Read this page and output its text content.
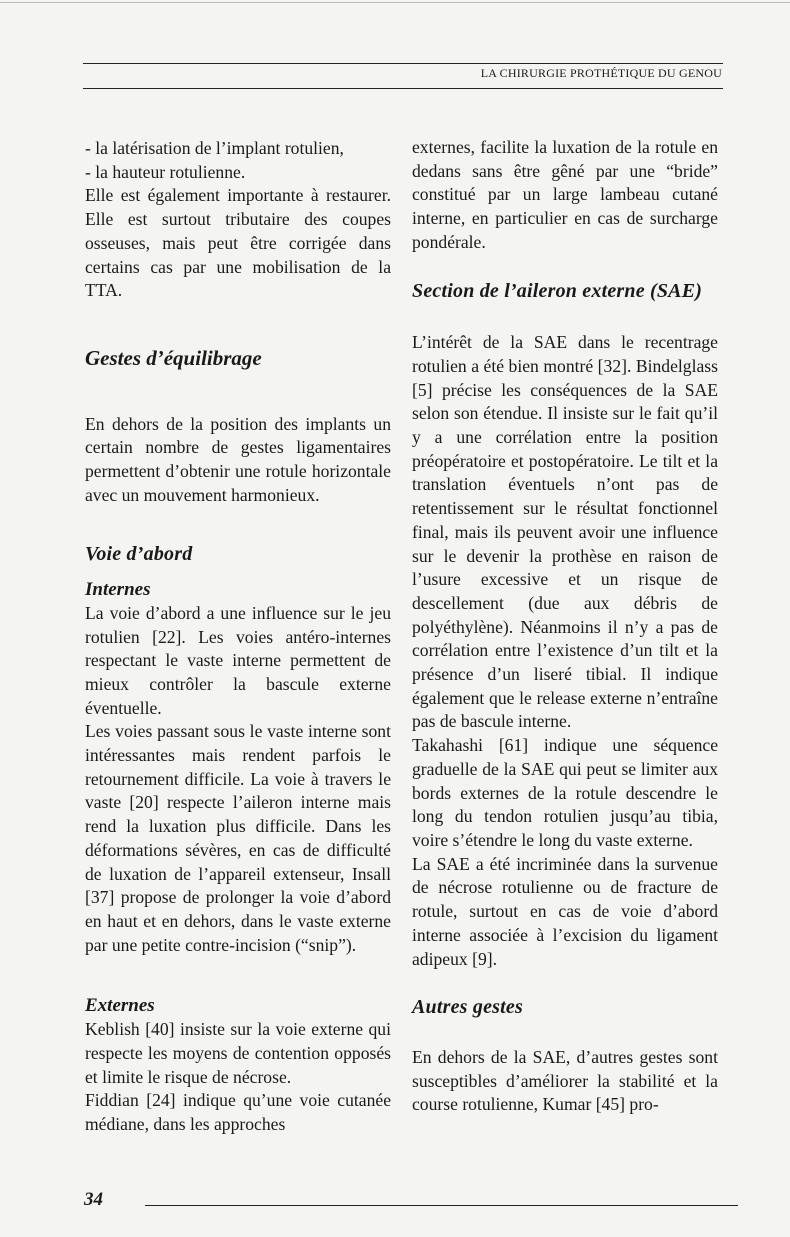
LA CHIRURGIE PROTHÉTIQUE DU GENOU

- la latérisation de l’implant rotulien,

- la hauteur rotulienne.

Elle est également importante à restaurer. Elle est surtout tributaire des coupes osseuses, mais peut être corrigée dans certains cas par une mobilisation de la TTA.

Gestes d’équilibrage

En dehors de la position des implants un certain nombre de gestes ligamentaires permettent d’obtenir une rotule horizontale avec un mouvement harmonieux.

Voie d’abord
Internes

La voie d’abord a une influence sur le jeu rotulien [22]. Les voies antéro-internes respectant le vaste interne permettent de mieux contrôler la bascule externe éventuelle.

Les voies passant sous le vaste interne sont intéressantes mais rendent parfois le retournement difficile. La voie à travers le vaste [20] respecte l’aileron interne mais rend la luxation plus difficile. Dans les déformations sévères, en cas de difficulté de luxation de l’appareil extenseur, Insall [37] propose de prolonger la voie d’abord en haut et en dehors, dans le vaste externe par une petite contre-incision (“snip”).

Externes

Keblish [40] insiste sur la voie externe qui respecte les moyens de contention opposés et limite le risque de nécrose.

Fiddian [24] indique qu’une voie cutanée médiane, dans les approches

externes, facilite la luxation de la rotule en dedans sans être gêné par une “bride” constitué par un large lambeau cutané interne, en particulier en cas de surcharge pondérale.

Section de l’aileron externe (SAE)

L’intérêt de la SAE dans le recentrage rotulien a été bien montré [32]. Bindelglass [5] précise les conséquences de la SAE selon son étendue. Il insiste sur le fait qu’il y a une corrélation entre la position préopératoire et postopératoire. Le tilt et la translation éventuels n’ont pas de retentissement sur le résultat fonctionnel final, mais ils peuvent avoir une influence sur le devenir la prothèse en raison de l’usure excessive et un risque de descellement (due aux débris de polyéthylène). Néanmoins il n’y a pas de corrélation entre l’existence d’un tilt et la présence d’un liseré tibial. Il indique également que le release externe n’entraîne pas de bascule interne.

Takahashi [61] indique une séquence graduelle de la SAE qui peut se limiter aux bords externes de la rotule descendre le long du tendon rotulien jusqu’au tibia, voire s’étendre le long du vaste externe.

La SAE a été incriminée dans la survenue de nécrose rotulienne ou de fracture de rotule, surtout en cas de voie d’abord interne associée à l’excision du ligament adipeux [9].

Autres gestes

En dehors de la SAE, d’autres gestes sont susceptibles d’améliorer la stabilité et la course rotulienne, Kumar [45] pro-

34
